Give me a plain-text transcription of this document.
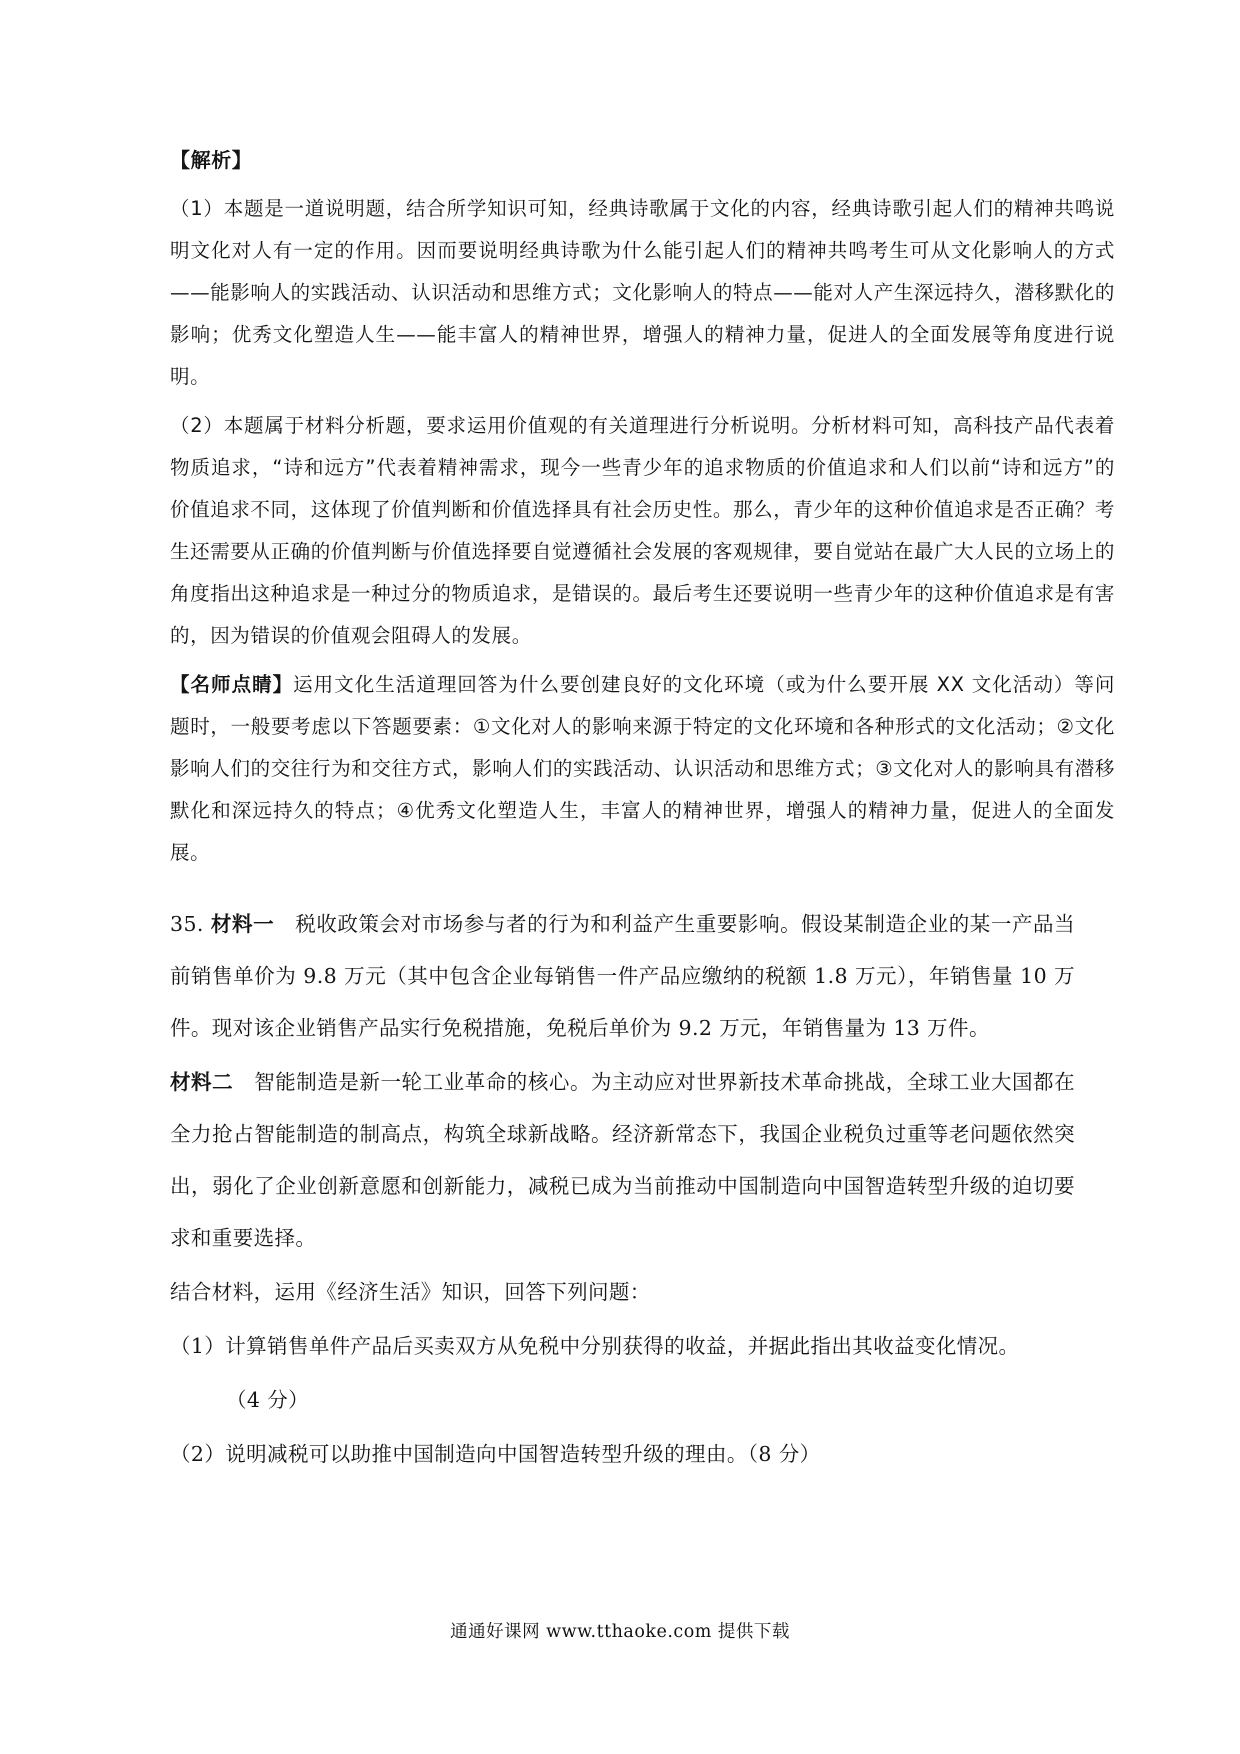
【解析】

（1）本题是一道说明题，结合所学知识可知，经典诗歌属于文化的内容，经典诗歌引起人们的精神共鸣说明文化对人有一定的作用。因而要说明经典诗歌为什么能引起人们的精神共鸣考生可从文化影响人的方式——能影响人的实践活动、认识活动和思维方式；文化影响人的特点——能对人产生深远持久，潜移默化的影响；优秀文化塑造人生——能丰富人的精神世界，增强人的精神力量，促进人的全面发展等角度进行说明。

（2）本题属于材料分析题，要求运用价值观的有关道理进行分析说明。分析材料可知，高科技产品代表着物质追求，“诗和远方”代表着精神需求，现今一些青少年的追求物质的价值追求和人们以前“诗和远方”的价值追求不同，这体现了价值判断和价值选择具有社会历史性。那么，青少年的这种价值追求是否正确？考生还需要从正确的价值判断与价值选择要自觉遵循社会发展的客观规律，要自觉站在最广大人民的立场上的角度指出这种追求是一种过分的物质追求，是错误的。最后考生还要说明一些青少年的这种价值追求是有害的，因为错误的价值观会阻碍人的发展。

【名师点睛】运用文化生活道理回答为什么要创建良好的文化环境（或为什么要开展 XX 文化活动）等问题时，一般要考虑以下答题要素：①文化对人的影响来源于特定的文化环境和各种形式的文化活动；②文化影响人们的交往行为和交往方式，影响人们的实践活动、认识活动和思维方式；③文化对人的影响具有潜移默化和深远持久的特点；④优秀文化塑造人生，丰富人的精神世界，增强人的精神力量，促进人的全面发展。

35. 材料一　税收政策会对市场参与者的行为和利益产生重要影响。假设某制造企业的某一产品当前销售单价为 9.8 万元（其中包含企业每销售一件产品应缴纳的税额 1.8 万元），年销售量 10 万件。现对该企业销售产品实行免税措施，免税后单价为 9.2 万元，年销售量为 13 万件。

材料二　智能制造是新一轮工业革命的核心。为主动应对世界新技术革命挑战，全球工业大国都在全力抢占智能制造的制高点，构筑全球新战略。经济新常态下，我国企业税负过重等老问题依然突出，弱化了企业创新意愿和创新能力，减税已成为当前推动中国制造向中国智造转型升级的迫切要求和重要选择。

结合材料，运用《经济生活》知识，回答下列问题：

（1）计算销售单件产品后买卖双方从免税中分别获得的收益，并据此指出其收益变化情况。

（4 分）

（2）说明减税可以助推中国制造向中国智造转型升级的理由。（8 分）

通通好课网 www.tthaoke.com 提供下载
